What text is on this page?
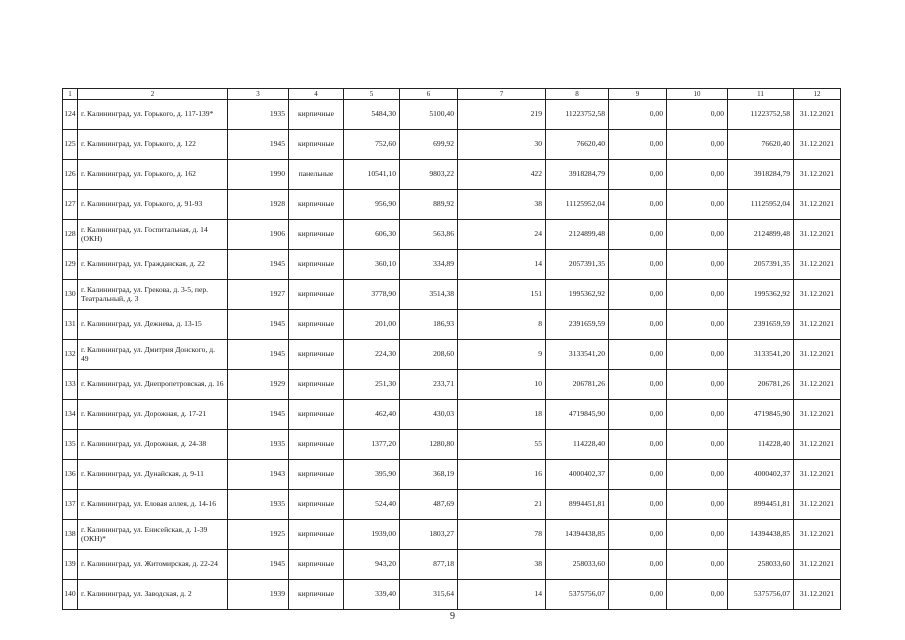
1	2	3	4	5	6	7	8	9	10	11	12
124	г. Калининград, ул. Горького, д. 117-139*	1935	кирпичные	5484,30	5100,40	219	11223752,58	0,00	0,00	11223752,58	31.12.2021
125	г. Калининград, ул. Горького, д. 122	1945	кирпичные	752,60	699,92	30	76620,40	0,00	0,00	76620,40	31.12.2021
126	г. Калининград, ул. Горького, д. 162	1990	панельные	10541,10	9803,22	422	3918284,79	0,00	0,00	3918284,79	31.12.2021
127	г. Калининград, ул. Горького, д. 91-93	1928	кирпичные	956,90	889,92	38	11125952,04	0,00	0,00	11125952,04	31.12.2021
128	г. Калининград, ул. Госпитальная, д. 14 (ОКН)	1906	кирпичные	606,30	563,86	24	2124899,48	0,00	0,00	2124899,48	31.12.2021
129	г. Калининград, ул. Гражданская, д. 22	1945	кирпичные	360,10	334,89	14	2057391,35	0,00	0,00	2057391,35	31.12.2021
130	г. Калининград, ул. Грекова, д. 3-5, пер. Театральный, д. 3	1927	кирпичные	3778,90	3514,38	151	1995362,92	0,00	0,00	1995362,92	31.12.2021
131	г. Калининград, ул. Дежнева, д. 13-15	1945	кирпичные	201,00	186,93	8	2391659,59	0,00	0,00	2391659,59	31.12.2021
132	г. Калининград, ул. Дмитрия Донского, д. 49	1945	кирпичные	224,30	208,60	9	3133541,20	0,00	0,00	3133541,20	31.12.2021
133	г. Калининград, ул. Днепропетровская, д. 16	1929	кирпичные	251,30	233,71	10	206781,26	0,00	0,00	206781,26	31.12.2021
134	г. Калининград, ул. Дорожная, д. 17-21	1945	кирпичные	462,40	430,03	18	4719845,90	0,00	0,00	4719845,90	31.12.2021
135	г. Калининград, ул. Дорожная, д. 24-38	1935	кирпичные	1377,20	1280,80	55	114228,40	0,00	0,00	114228,40	31.12.2021
136	г. Калининград, ул. Дунайская, д. 9-11	1943	кирпичные	395,90	368,19	16	4000402,37	0,00	0,00	4000402,37	31.12.2021
137	г. Калининград, ул. Еловая аллея, д. 14-16	1935	кирпичные	524,40	487,69	21	8994451,81	0,00	0,00	8994451,81	31.12.2021
138	г. Калининград, ул. Енисейская, д. 1-39 (ОКН)*	1925	кирпичные	1939,00	1803,27	78	14394438,85	0,00	0,00	14394438,85	31.12.2021
139	г. Калининград, ул. Житомирская, д. 22-24	1945	кирпичные	943,20	877,18	38	258033,60	0,00	0,00	258033,60	31.12.2021
140	г. Калининград, ул. Заводская, д. 2	1939	кирпичные	339,40	315,64	14	5375756,07	0,00	0,00	5375756,07	31.12.2021
9
